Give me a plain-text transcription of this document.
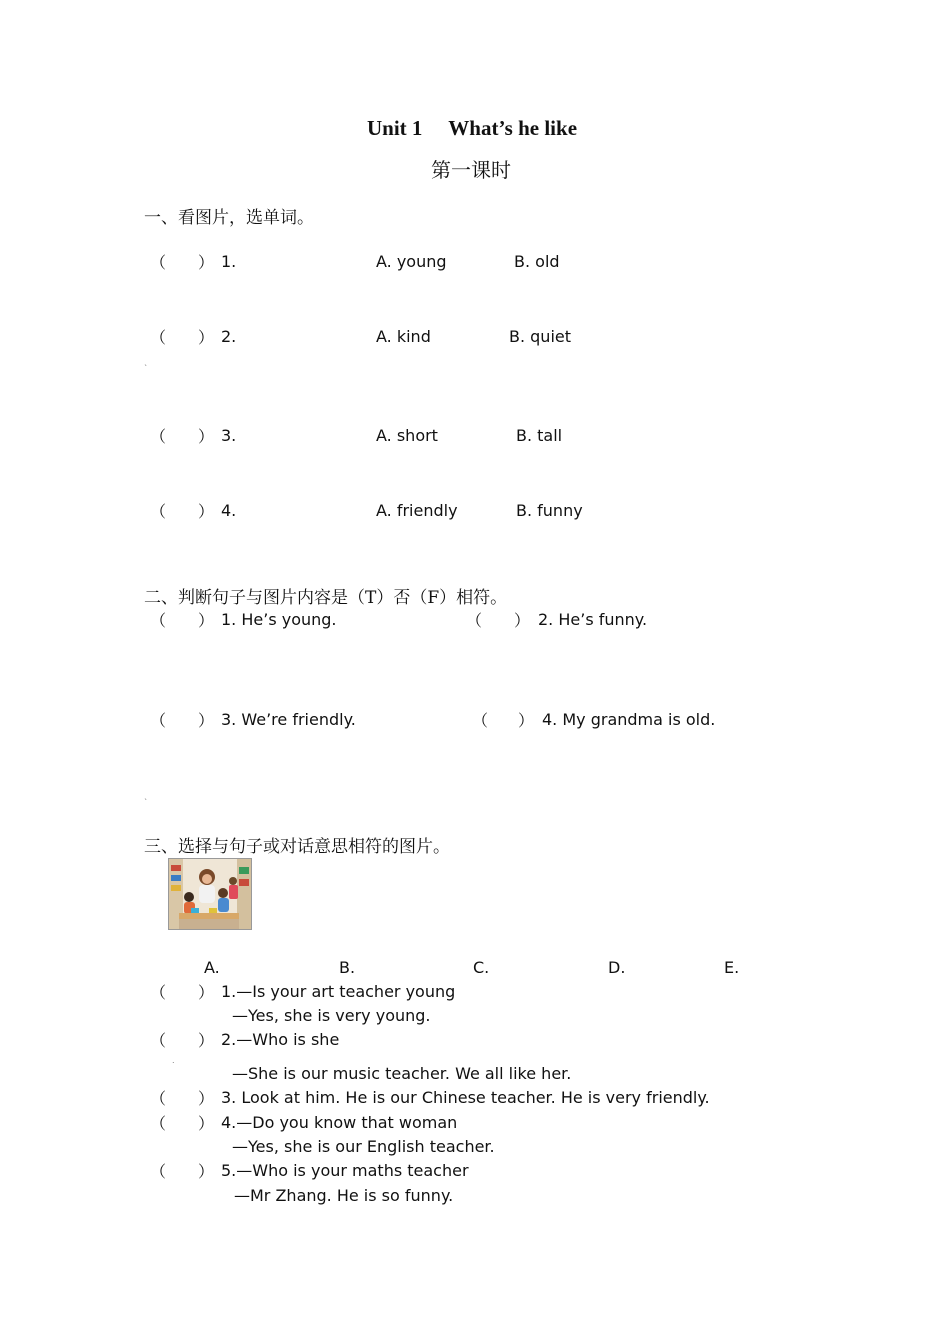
Unit 1　 What’s he like
第一课时
一、看图片，选单词。
（ ） 1.	A. young	B. old
（ ） 2.	A. kind	B. quiet
`
（ ） 3.	A. short	B. tall
（ ） 4.	A. friendly	B. funny
二、判断句子与图片内容是（T）否（F）相符。
（ ） 1. He’s young.	（ ） 2. He’s funny.
（ ） 3. We’re friendly.	（ ） 4. My grandma is old.
`
三、选择与句子或对话意思相符的图片。
A.	B.	C.	D.	E.
（ ） 1.—Is your art teacher young
—Yes, she is very young.
（ ） 2.—Who is she
.
—She is our music teacher. We all like her.
（ ） 3. Look at him. He is our Chinese teacher. He is very friendly.
（ ） 4.—Do you know that woman
—Yes, she is our English teacher.
（ ） 5.—Who is your maths teacher
—Mr Zhang. He is so funny.
